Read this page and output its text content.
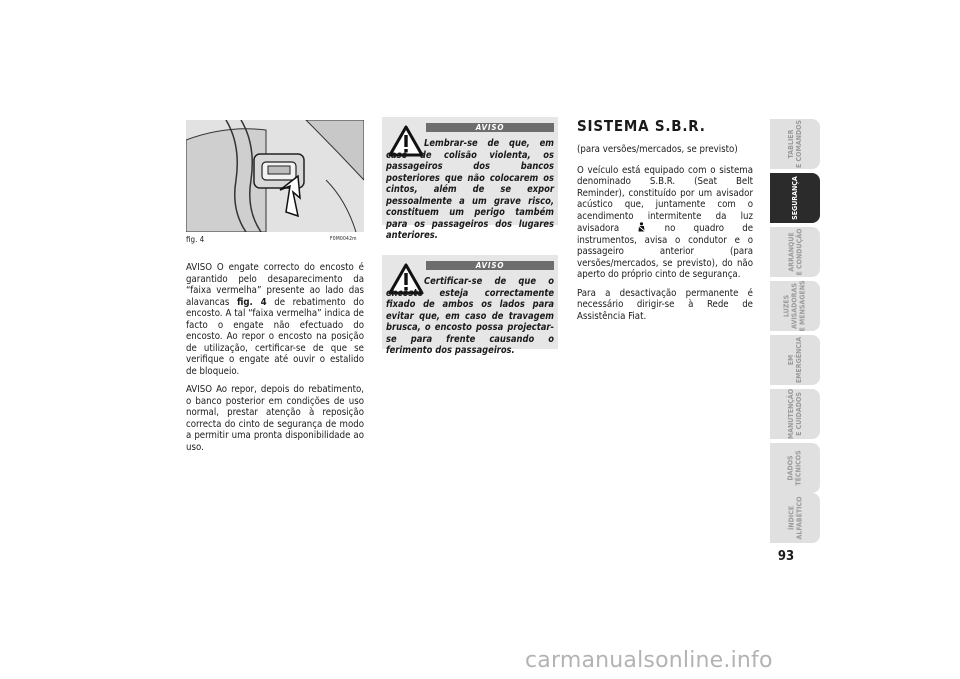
fig. 4	F0M0042m

AVISO O engate correcto do encosto é garantido pelo desaparecimento da “faixa vermelha” presente ao lado das alavancas fig. 4 de rebatimento do encosto. A tal “faixa vermelha” indica de facto o engate não efectuado do encosto. Ao repor o encosto na posição de utilização, certificar-se de que se verifique o engate até ouvir o estalido de bloqueio.

AVISO Ao repor, depois do rebatimento, o banco posterior em condições de uso normal, prestar atenção à reposição correcta do cinto de segurança de modo a permitir uma pronta disponibilidade ao uso.

AVISO
Lembrar-se de que, em caso de colisão violenta, os passageiros dos bancos posteriores que não colocarem os cintos, além de se expor pessoalmente a um grave risco, constituem um perigo também para os passageiros dos lugares anteriores.
AVISO
Certificar-se de que o encosto esteja correctamente fixado de ambos os lados para evitar que, em caso de travagem brusca, o encosto possa projectar-se para frente causando o ferimento dos passageiros.
SISTEMA S.B.R.

(para versões/mercados, se previsto)

O veículo está equipado com o sistema denominado S.B.R. (Seat Belt Reminder), constituído por um avisador acústico que, juntamente com o acendimento intermitente da luz avisadora  no quadro de instrumentos, avisa o condutor e o passageiro anterior (para versões/mercados, se previsto), do não aperto do próprio cinto de segurança.

Para a desactivação permanente é necessário dirigir-se à Rede de Assistência Fiat.

TABLIER
E COMANDOS
SEGURANÇA
ARRANQUE
E CONDUÇÃO
LUZES
AVISADORAS
E MENSAGENS
EM
EMERGÊNCIA
MANUTENÇÃO
E CUIDADOS
DADOS
TÉCNICOS
ÍNDICE
ALFABÉTICO
93
carmanualsonline.info
